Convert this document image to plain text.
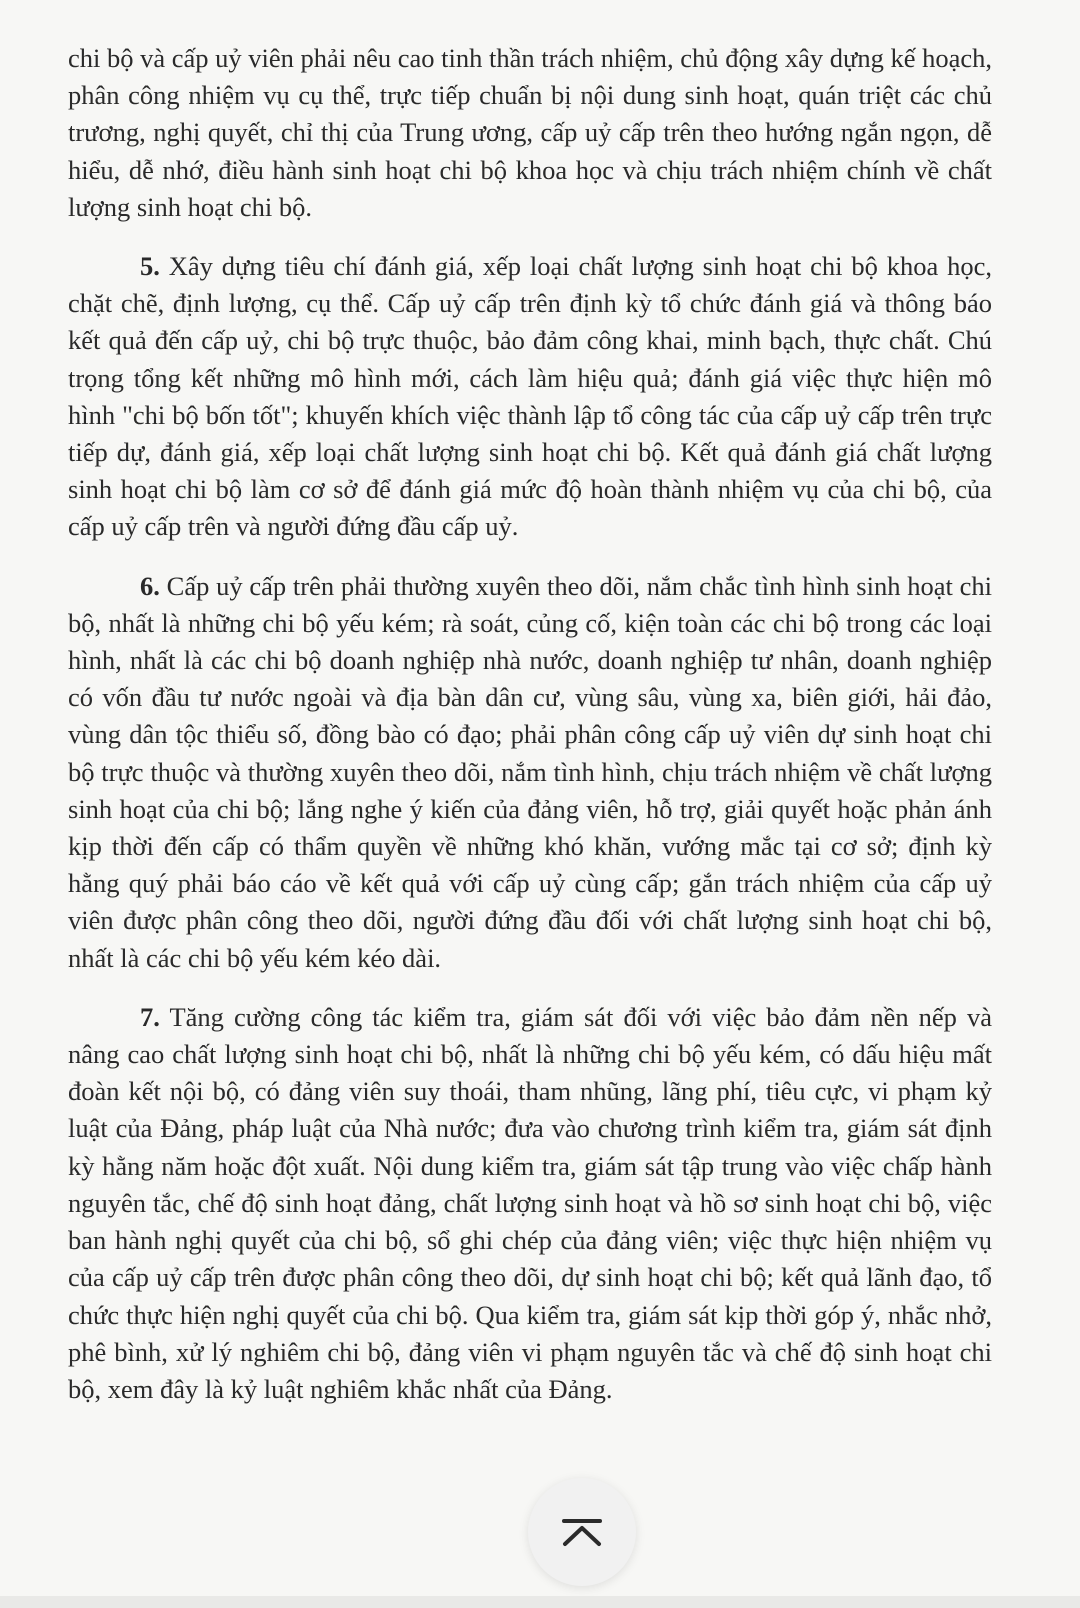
chi bộ và cấp uỷ viên phải nêu cao tinh thần trách nhiệm, chủ động xây dựng kế hoạch, phân công nhiệm vụ cụ thể, trực tiếp chuẩn bị nội dung sinh hoạt, quán triệt các chủ trương, nghị quyết, chỉ thị của Trung ương, cấp uỷ cấp trên theo hướng ngắn ngọn, dễ hiểu, dễ nhớ, điều hành sinh hoạt chi bộ khoa học và chịu trách nhiệm chính về chất lượng sinh hoạt chi bộ.

5. Xây dựng tiêu chí đánh giá, xếp loại chất lượng sinh hoạt chi bộ khoa học, chặt chẽ, định lượng, cụ thể. Cấp uỷ cấp trên định kỳ tổ chức đánh giá và thông báo kết quả đến cấp uỷ, chi bộ trực thuộc, bảo đảm công khai, minh bạch, thực chất. Chú trọng tổng kết những mô hình mới, cách làm hiệu quả; đánh giá việc thực hiện mô hình "chi bộ bốn tốt"; khuyến khích việc thành lập tổ công tác của cấp uỷ cấp trên trực tiếp dự, đánh giá, xếp loại chất lượng sinh hoạt chi bộ. Kết quả đánh giá chất lượng sinh hoạt chi bộ làm cơ sở để đánh giá mức độ hoàn thành nhiệm vụ của chi bộ, của cấp uỷ cấp trên và người đứng đầu cấp uỷ.

6. Cấp uỷ cấp trên phải thường xuyên theo dõi, nắm chắc tình hình sinh hoạt chi bộ, nhất là những chi bộ yếu kém; rà soát, củng cố, kiện toàn các chi bộ trong các loại hình, nhất là các chi bộ doanh nghiệp nhà nước, doanh nghiệp tư nhân, doanh nghiệp có vốn đầu tư nước ngoài và địa bàn dân cư, vùng sâu, vùng xa, biên giới, hải đảo, vùng dân tộc thiểu số, đồng bào có đạo; phải phân công cấp uỷ viên dự sinh hoạt chi bộ trực thuộc và thường xuyên theo dõi, nắm tình hình, chịu trách nhiệm về chất lượng sinh hoạt của chi bộ; lắng nghe ý kiến của đảng viên, hỗ trợ, giải quyết hoặc phản ánh kịp thời đến cấp có thẩm quyền về những khó khăn, vướng mắc tại cơ sở; định kỳ hằng quý phải báo cáo về kết quả với cấp uỷ cùng cấp; gắn trách nhiệm của cấp uỷ viên được phân công theo dõi, người đứng đầu đối với chất lượng sinh hoạt chi bộ, nhất là các chi bộ yếu kém kéo dài.

7. Tăng cường công tác kiểm tra, giám sát đối với việc bảo đảm nền nếp và nâng cao chất lượng sinh hoạt chi bộ, nhất là những chi bộ yếu kém, có dấu hiệu mất đoàn kết nội bộ, có đảng viên suy thoái, tham nhũng, lãng phí, tiêu cực, vi phạm kỷ luật của Đảng, pháp luật của Nhà nước; đưa vào chương trình kiểm tra, giám sát định kỳ hằng năm hoặc đột xuất. Nội dung kiểm tra, giám sát tập trung vào việc chấp hành nguyên tắc, chế độ sinh hoạt đảng, chất lượng sinh hoạt và hồ sơ sinh hoạt chi bộ, việc ban hành nghị quyết của chi bộ, sổ ghi chép của đảng viên; việc thực hiện nhiệm vụ của cấp uỷ cấp trên được phân công theo dõi, dự sinh hoạt chi bộ; kết quả lãnh đạo, tổ chức thực hiện nghị quyết của chi bộ. Qua kiểm tra, giám sát kịp thời góp ý, nhắc nhở, phê bình, xử lý nghiêm chi bộ, đảng viên vi phạm nguyên tắc và chế độ sinh hoạt chi bộ, xem đây là kỷ luật nghiêm khắc nhất của Đảng.
